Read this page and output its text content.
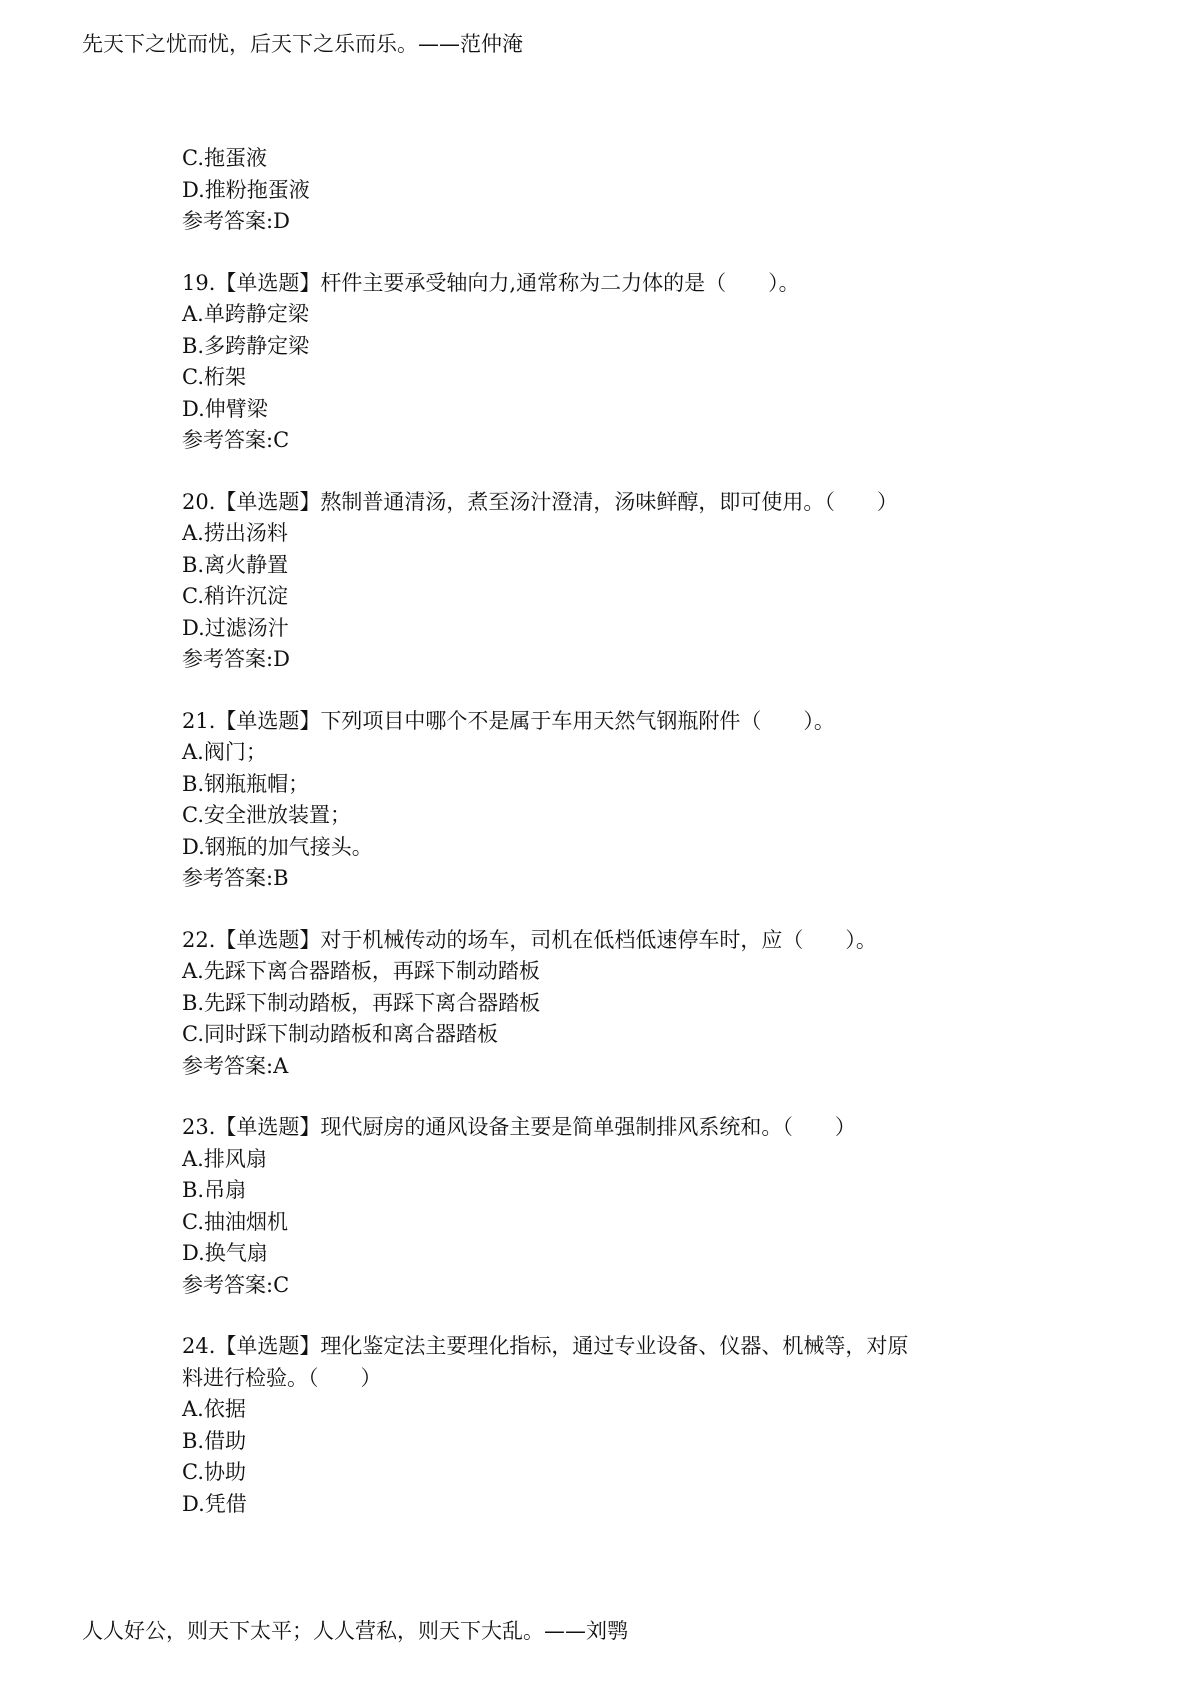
先天下之忧而忧，后天下之乐而乐。——范仲淹
C.拖蛋液
D.推粉拖蛋液
参考答案:D
19.【单选题】杆件主要承受轴向力,通常称为二力体的是（　　）。
A.单跨静定梁
B.多跨静定梁
C.桁架
D.伸臂梁
参考答案:C
20.【单选题】熬制普通清汤，煮至汤汁澄清，汤味鲜醇，即可使用。（　　）
A.捞出汤料
B.离火静置
C.稍许沉淀
D.过滤汤汁
参考答案:D
21.【单选题】下列项目中哪个不是属于车用天然气钢瓶附件（　　）。
A.阀门；
B.钢瓶瓶帽；
C.安全泄放装置；
D.钢瓶的加气接头。
参考答案:B
22.【单选题】对于机械传动的场车，司机在低档低速停车时，应（　　）。
A.先踩下离合器踏板，再踩下制动踏板
B.先踩下制动踏板，再踩下离合器踏板
C.同时踩下制动踏板和离合器踏板
参考答案:A
23.【单选题】现代厨房的通风设备主要是简单强制排风系统和。（　　）
A.排风扇
B.吊扇
C.抽油烟机
D.换气扇
参考答案:C
24.【单选题】理化鉴定法主要理化指标，通过专业设备、仪器、机械等，对原
料进行检验。（　　）
A.依据
B.借助
C.协助
D.凭借
人人好公，则天下太平；人人营私，则天下大乱。——刘鹗
